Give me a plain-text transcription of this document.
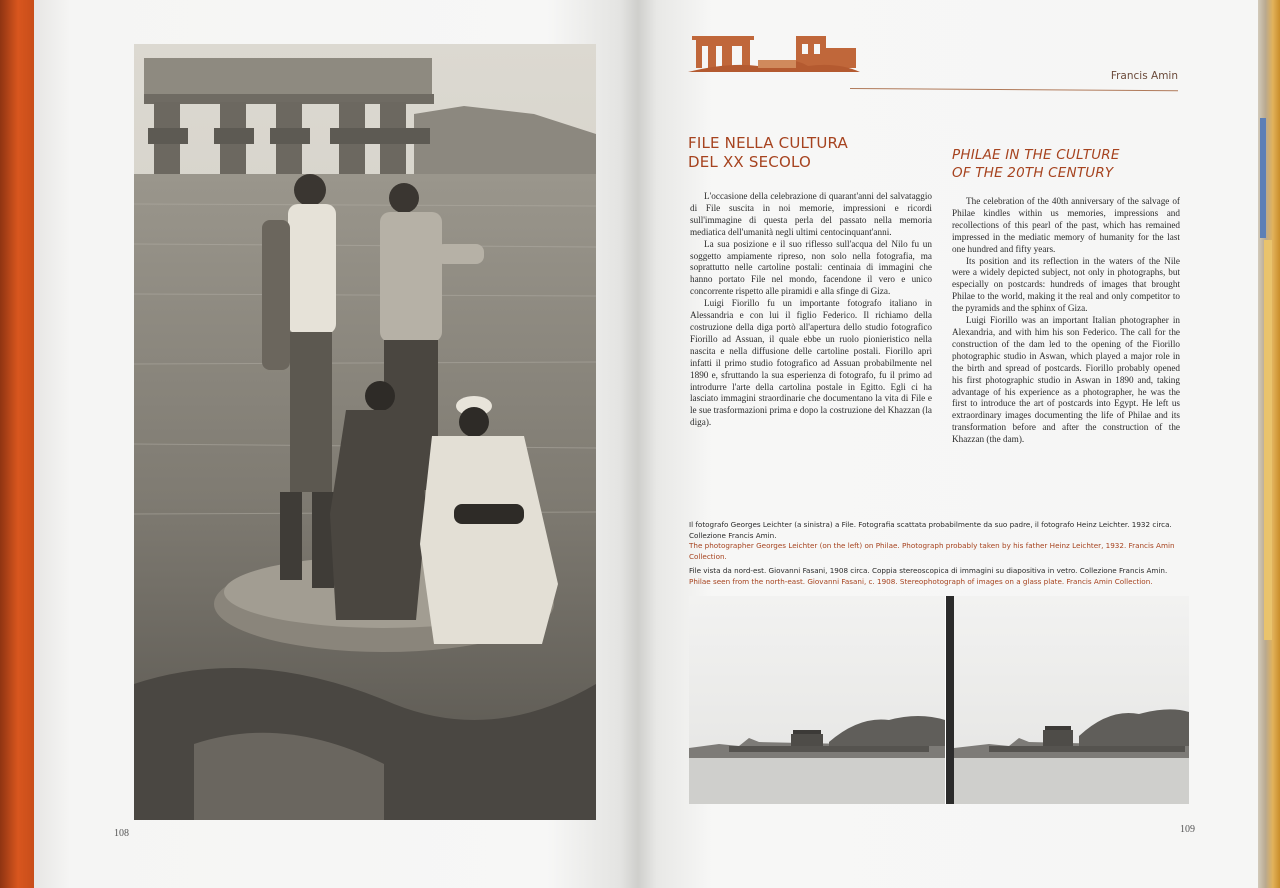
108
Francis Amin
FILE NELLA CULTURA
DEL XX SECOLO	PHILAE IN THE CULTURE
OF THE 20TH CENTURY

L'occasione della celebrazione di quarant'anni del salvataggio di File suscita in noi memorie, impressioni e ricordi sull'immagine di questa perla del passato nella memoria mediatica dell'umanità negli ultimi centocinquant'anni.

La sua posizione e il suo riflesso sull'acqua del Nilo fu un soggetto ampiamente ripreso, non solo nella fotografia, ma soprattutto nelle cartoline postali: centinaia di immagini che hanno portato File nel mondo, facendone il vero e unico concorrente rispetto alle piramidi e alla sfinge di Giza.

Luigi Fiorillo fu un importante fotografo italiano in Alessandria e con lui il figlio Federico. Il richiamo della costruzione della diga portò all'apertura dello studio fotografico Fiorillo ad Assuan, il quale ebbe un ruolo pionieristico nella nascita e nella diffusione delle cartoline postali. Fiorillo aprì infatti il primo studio fotografico ad Assuan probabilmente nel 1890 e, sfruttando la sua esperienza di fotografo, fu il primo ad introdurre l'arte della cartolina postale in Egitto. Egli ci ha lasciato immagini straordinarie che documentano la vita di File e le sue trasformazioni prima e dopo la costruzione del Khazzan (la diga).

The celebration of the 40th anniversary of the salvage of Philae kindles within us memories, impressions and recollections of this pearl of the past, which has remained impressed in the mediatic memory of humanity for the last one hundred and fifty years.

Its position and its reflection in the waters of the Nile were a widely depicted subject, not only in photographs, but especially on postcards: hundreds of images that brought Philae to the world, making it the real and only competitor to the pyramids and the sphinx of Giza.

Luigi Fiorillo was an important Italian photographer in Alexandria, and with him his son Federico. The call for the construction of the dam led to the opening of the Fiorillo photographic studio in Aswan, which played a major role in the birth and spread of postcards. Fiorillo probably opened his first photographic studio in Aswan in 1890 and, taking advantage of his experience as a photographer, he was the first to introduce the art of postcards into Egypt. He left us extraordinary images documenting the life of Philae and its transformation before and after the construction of the Khazzan (the dam).

Il fotografo Georges Leichter (a sinistra) a File. Fotografia scattata probabilmente da suo padre, il fotografo Heinz Leichter. 1932 circa. Collezione Francis Amin.
The photographer Georges Leichter (on the left) on Philae. Photograph probably taken by his father Heinz Leichter, 1932. Francis Amin Collection.
File vista da nord-est. Giovanni Fasani, 1908 circa. Coppia stereoscopica di immagini su diapositiva in vetro. Collezione Francis Amin.
Philae seen from the north-east. Giovanni Fasani, c. 1908. Stereophotograph of images on a glass plate. Francis Amin Collection.
109
